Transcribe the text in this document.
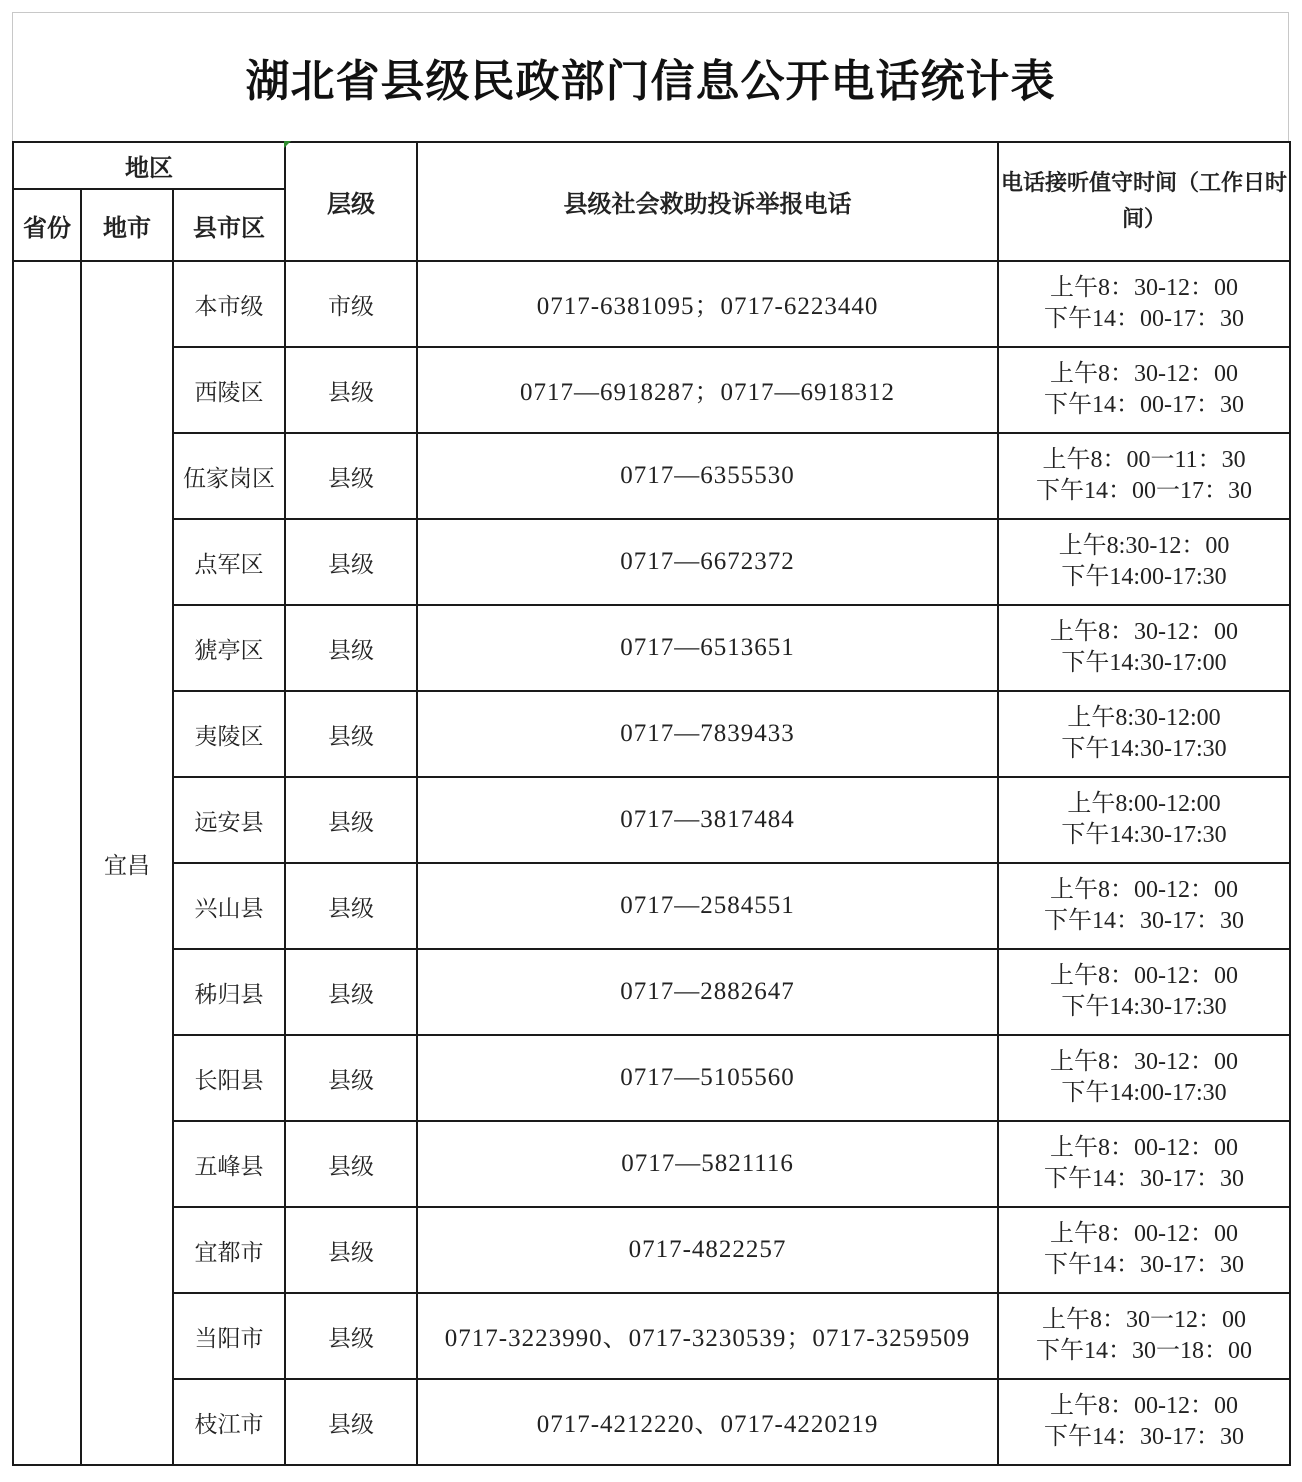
湖北省县级民政部门信息公开电话统计表
地区			层级	县级社会救助投诉举报电话	电话接听值守时间（工作日时间）
省份	地市	县市区			
	宜昌	本市级	市级	0717-6381095；0717-6223440	上午8：30-12：00
下午14：00-17：30

		西陵区	县级	0717—6918287；0717—6918312	上午8：30-12：00
下午14：00-17：30

		伍家岗区	县级	0717—6355530	上午8：00一11：30
下午14：00一17：30

		点军区	县级	0717—6672372	上午8:30-12：00
下午14:00-17:30

		猇亭区	县级	0717—6513651	上午8：30-12：00
下午14:30-17:00

		夷陵区	县级	0717—7839433	上午8:30-12:00
下午14:30-17:30

		远安县	县级	0717—3817484	上午8:00-12:00
下午14:30-17:30

		兴山县	县级	0717—2584551	上午8：00-12：00
下午14：30-17：30

		秭归县	县级	0717—2882647	上午8：00-12：00
下午14:30-17:30

		长阳县	县级	0717—5105560	上午8：30-12：00
下午14:00-17:30

		五峰县	县级	0717—5821116	上午8：00-12：00
下午14：30-17：30

		宜都市	县级	0717-4822257	上午8：00-12：00
下午14：30-17：30

		当阳市	县级	0717-3223990、0717-3230539；0717-3259509	上午8：30一12：00
下午14：30一18：00

		枝江市	县级	0717-4212220、0717-4220219	上午8：00-12：00
下午14：30-17：30
